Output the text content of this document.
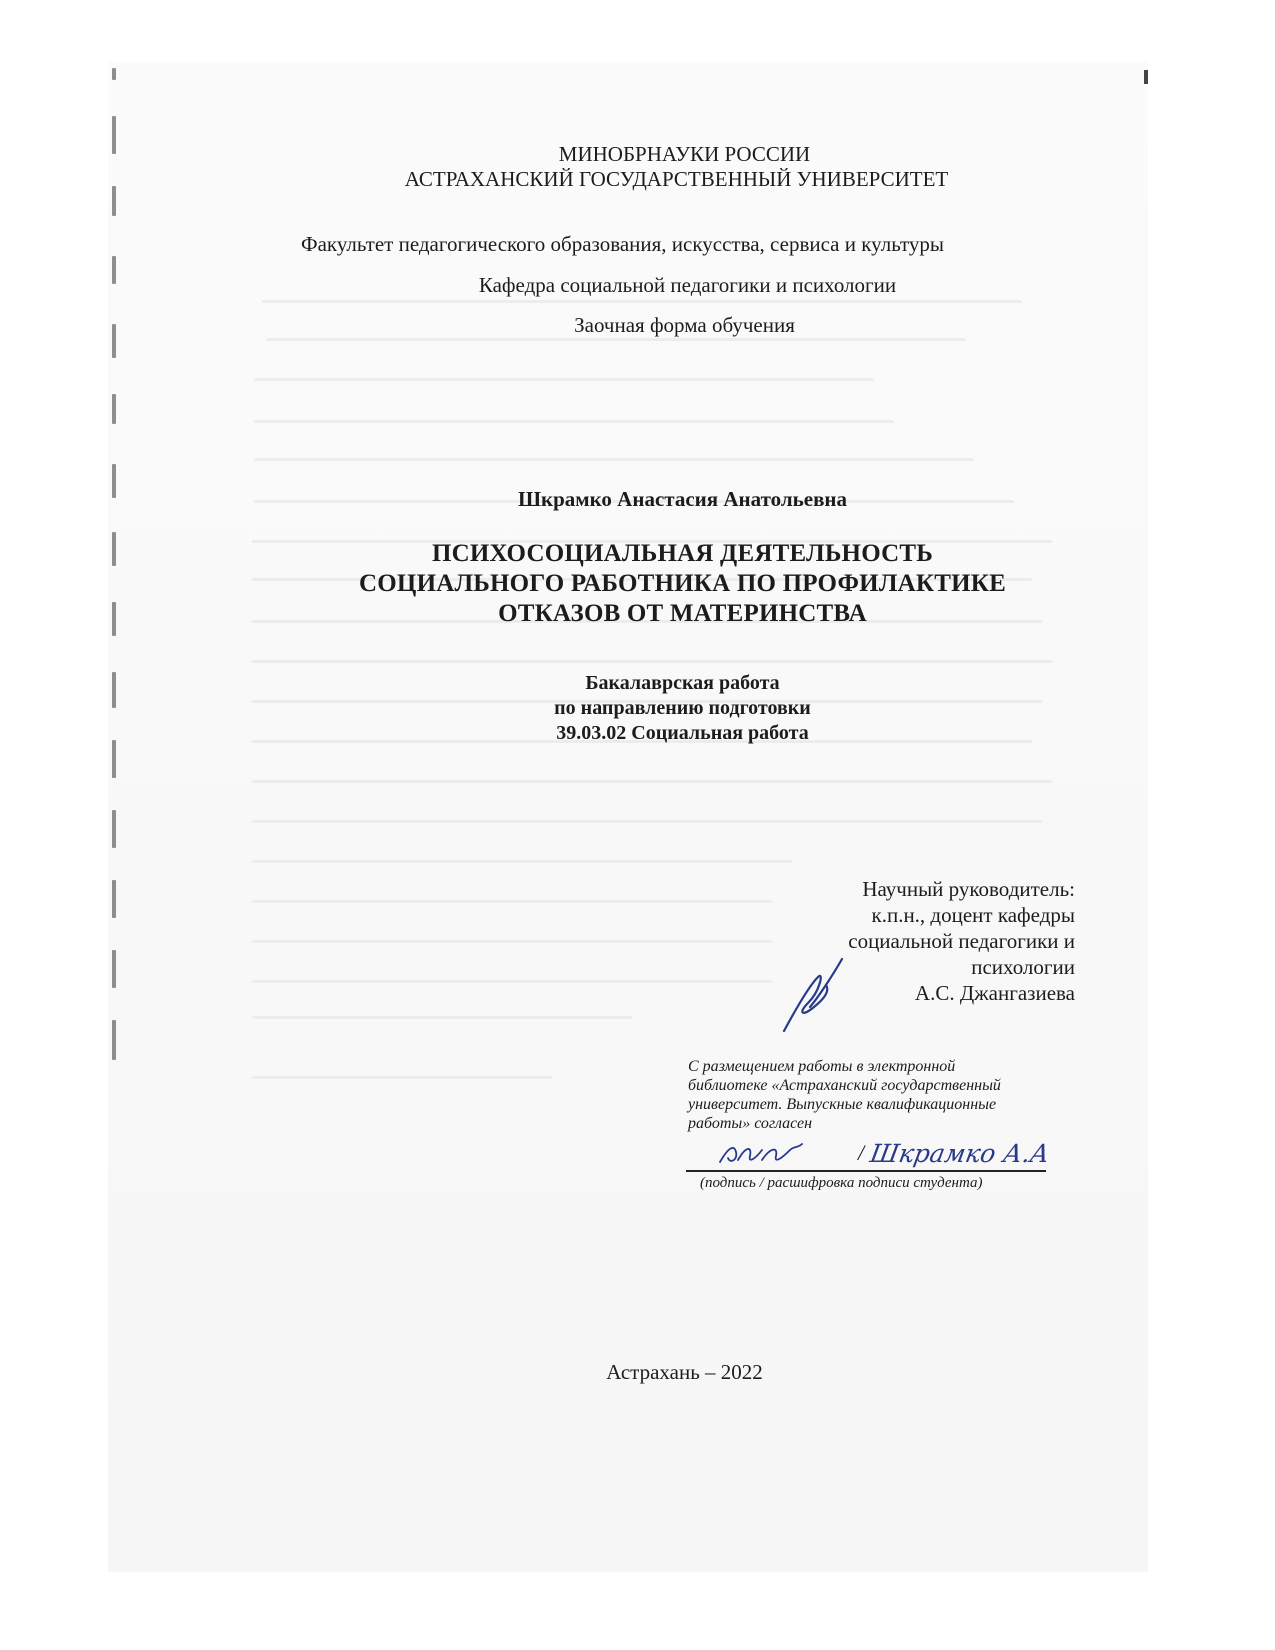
МИНОБРНАУКИ РОССИИ
АСТРАХАНСКИЙ ГОСУДАРСТВЕННЫЙ УНИВЕРСИТЕТ
Факультет педагогического образования, искусства, сервиса и культуры
Кафедра социальной педагогики и психологии
Заочная форма обучения
Шкрамко Анастасия Анатольевна
ПСИХОСОЦИАЛЬНАЯ ДЕЯТЕЛЬНОСТЬ
СОЦИАЛЬНОГО РАБОТНИКА ПО ПРОФИЛАКТИКЕ
ОТКАЗОВ ОТ МАТЕРИНСТВА
Бакалаврская работа
по направлению подготовки
39.03.02 Социальная работа
Научный руководитель:
к.п.н., доцент кафедры
социальной педагогики и
психологии
А.С. Джангазиева
С размещением работы в электронной
библиотеке «Астраханский государственный
университет. Выпускные квалификационные
работы» согласен
/ Шкрамко А.А
(подпись / расшифровка подписи студента)
Астрахань – 2022
